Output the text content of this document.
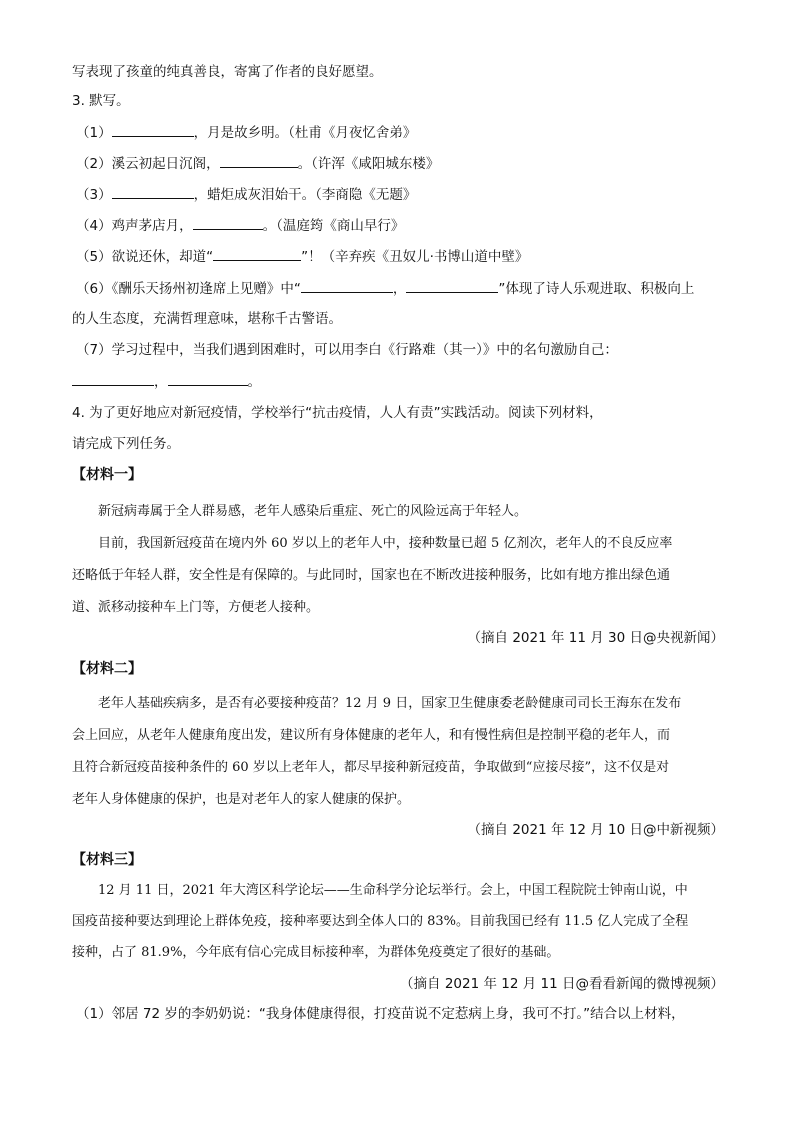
写表现了孩童的纯真善良，寄寓了作者的良好愿望。
3. 默写。
（1）	，月是故乡明。（杜甫《月夜忆舍弟》
（2）溪云初起日沉阁，	。（许浑《咸阳城东楼》
（3）	，蜡炬成灰泪始干。（李商隐《无题》
（4）鸡声茅店月，	。（温庭筠《商山早行》
（5）欲说还休，却道“	”！（辛弃疾《丑奴儿·书博山道中壁》
（6）《酬乐天扬州初逢席上见赠》中“	，	”体现了诗人乐观进取、积极向上
的人生态度，充满哲理意味，堪称千古警语。
（7）学习过程中，当我们遇到困难时，可以用李白《行路难（其一）》中的名句激励自己：
，	。
4. 为了更好地应对新冠疫情，学校举行“抗击疫情，人人有责”实践活动。阅读下列材料，
请完成下列任务。
【材料一】
新冠病毒属于全人群易感，老年人感染后重症、死亡的风险远高于年轻人。
目前，我国新冠疫苗在境内外 60 岁以上的老年人中，接种数量已超 5 亿剂次，老年人的不良反应率
还略低于年轻人群，安全性是有保障的。与此同时，国家也在不断改进接种服务，比如有地方推出绿色通
道、派移动接种车上门等，方便老人接种。
（摘自 2021 年 11 月 30 日@央视新闻）
【材料二】
老年人基础疾病多，是否有必要接种疫苗？12 月 9 日，国家卫生健康委老龄健康司司长王海东在发布
会上回应，从老年人健康角度出发，建议所有身体健康的老年人，和有慢性病但是控制平稳的老年人，而
且符合新冠疫苗接种条件的 60 岁以上老年人，都尽早接种新冠疫苗，争取做到“应接尽接”，这不仅是对
老年人身体健康的保护，也是对老年人的家人健康的保护。
（摘自 2021 年 12 月 10 日@中新视频）
【材料三】
12 月 11 日，2021 年大湾区科学论坛——生命科学分论坛举行。会上，中国工程院院士钟南山说，中
国疫苗接种要达到理论上群体免疫，接种率要达到全体人口的 83%。目前我国已经有 11.5 亿人完成了全程
接种，占了 81.9%，今年底有信心完成目标接种率，为群体免疫奠定了很好的基础。
（摘自 2021 年 12 月 11 日@看看新闻的微博视频）
（1）邻居 72 岁的李奶奶说：“我身体健康得很，打疫苗说不定惹病上身，我可不打。”结合以上材料，
